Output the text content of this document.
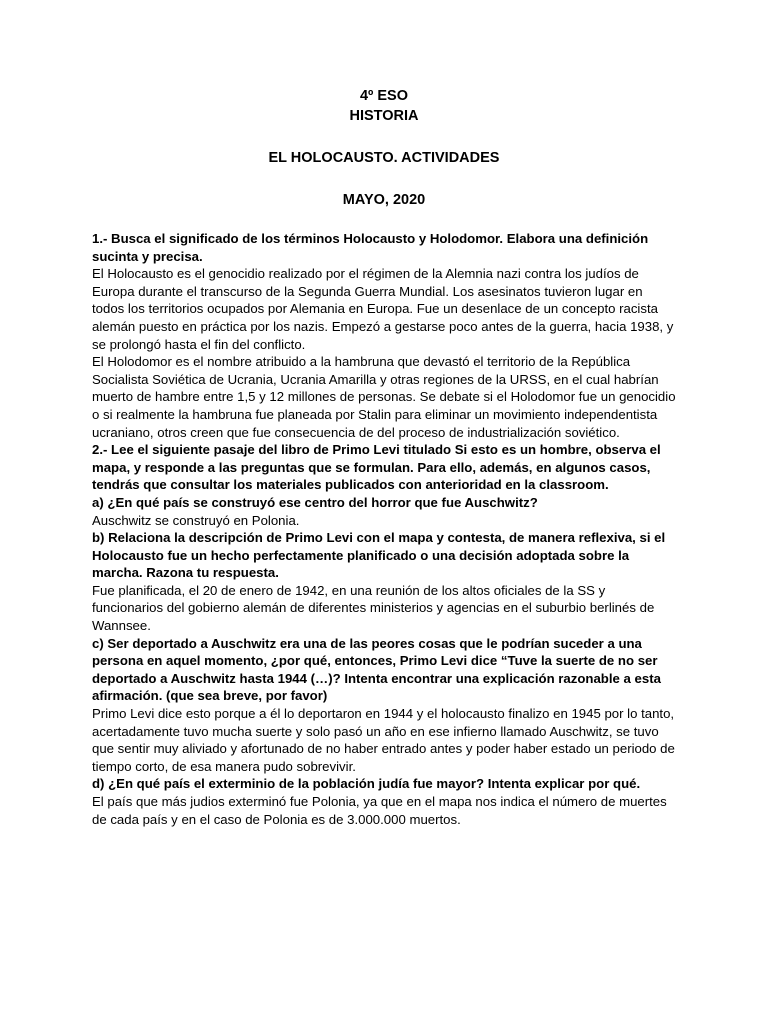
4º ESO

HISTORIA

EL HOLOCAUSTO. ACTIVIDADES

MAYO, 2020

1.- Busca el significado de los términos Holocausto y Holodomor. Elabora una definición sucinta y precisa.

El Holocausto es el genocidio realizado por el régimen de la Alemnia nazi contra los judíos de Europa durante el transcurso de la Segunda Guerra Mundial. Los asesinatos tuvieron lugar en todos los territorios ocupados por Alemania en Europa. Fue un desenlace de un concepto racista alemán puesto en práctica por los nazis. Empezó a gestarse poco antes de la guerra, hacia 1938, y se prolongó hasta el fin del conflicto.

El Holodomor es el nombre atribuido a la hambruna que devastó el territorio de la República Socialista Soviética de Ucrania, Ucrania Amarilla y otras regiones de la URSS, en el cual habrían muerto de hambre entre 1,5 y 12 millones de personas. Se debate si el Holodomor fue un genocidio o si realmente la hambruna fue planeada por Stalin para eliminar un movimiento independentista ucraniano, otros creen que fue consecuencia de del proceso de industrialización soviético.

2.- Lee el siguiente pasaje del libro de Primo Levi titulado Si esto es un hombre, observa el mapa, y responde a las preguntas que se formulan. Para ello, además, en algunos casos, tendrás que consultar los materiales publicados con anterioridad en la classroom.

a) ¿En qué país se construyó ese centro del horror que fue Auschwitz?

Auschwitz se construyó en Polonia.

b) Relaciona la descripción de Primo Levi con el mapa y contesta, de manera reflexiva, si el Holocausto fue un hecho perfectamente planificado o una decisión adoptada sobre la marcha. Razona tu respuesta.

Fue planificada, el 20 de enero de 1942, en una reunión de los altos oficiales de la SS y funcionarios del gobierno alemán de diferentes ministerios y agencias en el suburbio berlinés de Wannsee.

c) Ser deportado a Auschwitz era una de las peores cosas que le podrían suceder a una persona en aquel momento, ¿por qué, entonces, Primo Levi dice “Tuve la suerte de no ser deportado a Auschwitz hasta 1944 (…)? Intenta encontrar una explicación razonable a esta afirmación. (que sea breve, por favor)

Primo Levi dice esto porque a él lo deportaron en 1944 y el holocausto finalizo en 1945 por lo tanto, acertadamente tuvo mucha suerte y solo pasó un año en ese infierno llamado Auschwitz, se tuvo que sentir muy aliviado y afortunado de no haber entrado antes y poder haber estado un periodo de tiempo corto, de esa manera pudo sobrevivir.

d) ¿En qué país el exterminio de la población judía fue mayor? Intenta explicar por qué.

El país que más judios exterminó fue Polonia, ya que en el mapa nos indica el número de muertes de cada país y en el caso de Polonia es de 3.000.000 muertos.
